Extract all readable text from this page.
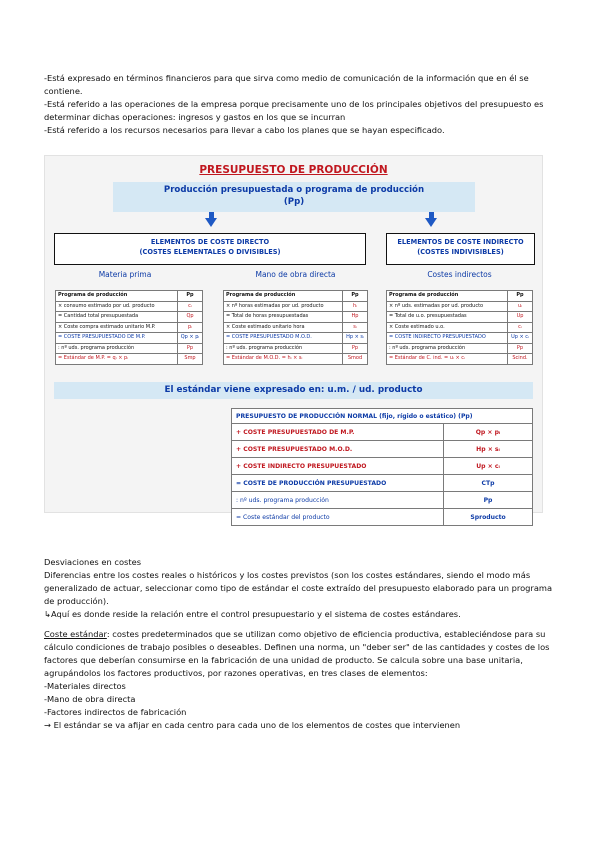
-Está expresado en términos financieros para que sirva como medio de comunicación de la información que en él se contiene.
-Está referido a las operaciones de la empresa porque precisamente uno de los principales objetivos del presupuesto es determinar dichas operaciones: ingresos y gastos en los que se incurran
-Está referido a los recursos necesarios para llevar a cabo los planes que se hayan especificado.
PRESUPUESTO DE PRODUCCIÓN
Producción presupuestada o programa de producción
(Pp)
ELEMENTOS DE COSTE DIRECTO
(COSTES ELEMENTALES O DIVISIBLES)
ELEMENTOS DE COSTE INDIRECTO
(COSTES INDIVISIBLES)
Materia prima	Mano de obra directa	Costes indirectos
Programa de producción	Pp
× consumo estimado por ud. producto	cᵢ
= Cantidad total presupuestada	Qp
× Coste compra estimado unitario M.P.	pᵢ
= COSTE PRESUPUESTADO DE M.P.	Qp × pᵢ
: nº uds. programa producción	Pp
= Estándar de M.P. = qᵢ × pᵢ	Smp
Programa de producción	Pp
× nº horas estimadas por ud. producto	hᵢ
= Total de horas presupuestadas	Hp
× Coste estimado unitario hora	sᵢ
= COSTE PRESUPUESTADO M.O.D.	Hp × sᵢ
: nº uds. programa producción	Pp
= Estándar de M.O.D. = hᵢ × sᵢ	Smod
Programa de producción	Pp
× nº uds. estimadas por ud. producto	uᵢ
= Total de u.o. presupuestadas	Up
× Coste estimado u.o.	cᵢ
= COSTE INDIRECTO PRESUPUESTADO	Up × cᵢ
: nº uds. programa producción	Pp
= Estándar de C. ind. = uᵢ × cᵢ	Scind.
El estándar viene expresado en: u.m. / ud. producto
PRESUPUESTO DE PRODUCCIÓN NORMAL (fijo, rígido o estático) (Pp)	
+ COSTE PRESUPUESTADO DE M.P.	Qp × pᵢ
+ COSTE PRESUPUESTADO M.O.D.	Hp × sᵢ
+ COSTE INDIRECTO PRESUPUESTADO	Up × cᵢ
= COSTE DE PRODUCCIÓN PRESUPUESTADO	CTp
: nº uds. programa producción	Pp
= Coste estándar del producto	Sproducto
Desviaciones en costes
Diferencias entre los costes reales o históricos y los costes previstos (son los costes estándares, siendo el modo más generalizado de actuar, seleccionar como tipo de estándar el coste extraído del presupuesto elaborado para un programa de producción).
↳Aquí es donde reside la relación entre el control presupuestario y el sistema de costes estándares.
Coste estándar: costes predeterminados que se utilizan como objetivo de eficiencia productiva, estableciéndose para su cálculo condiciones de trabajo posibles o deseables. Definen una norma, un "deber ser" de las cantidades y costes de los factores que deberían consumirse en la fabricación de una unidad de producto. Se calcula sobre una base unitaria, agrupándolos los factores productivos, por razones operativas, en tres clases de elementos:
-Materiales directos
-Mano de obra directa
-Factores indirectos de fabricación
→ El estándar se va afijar en cada centro para cada uno de los elementos de costes que intervienen
